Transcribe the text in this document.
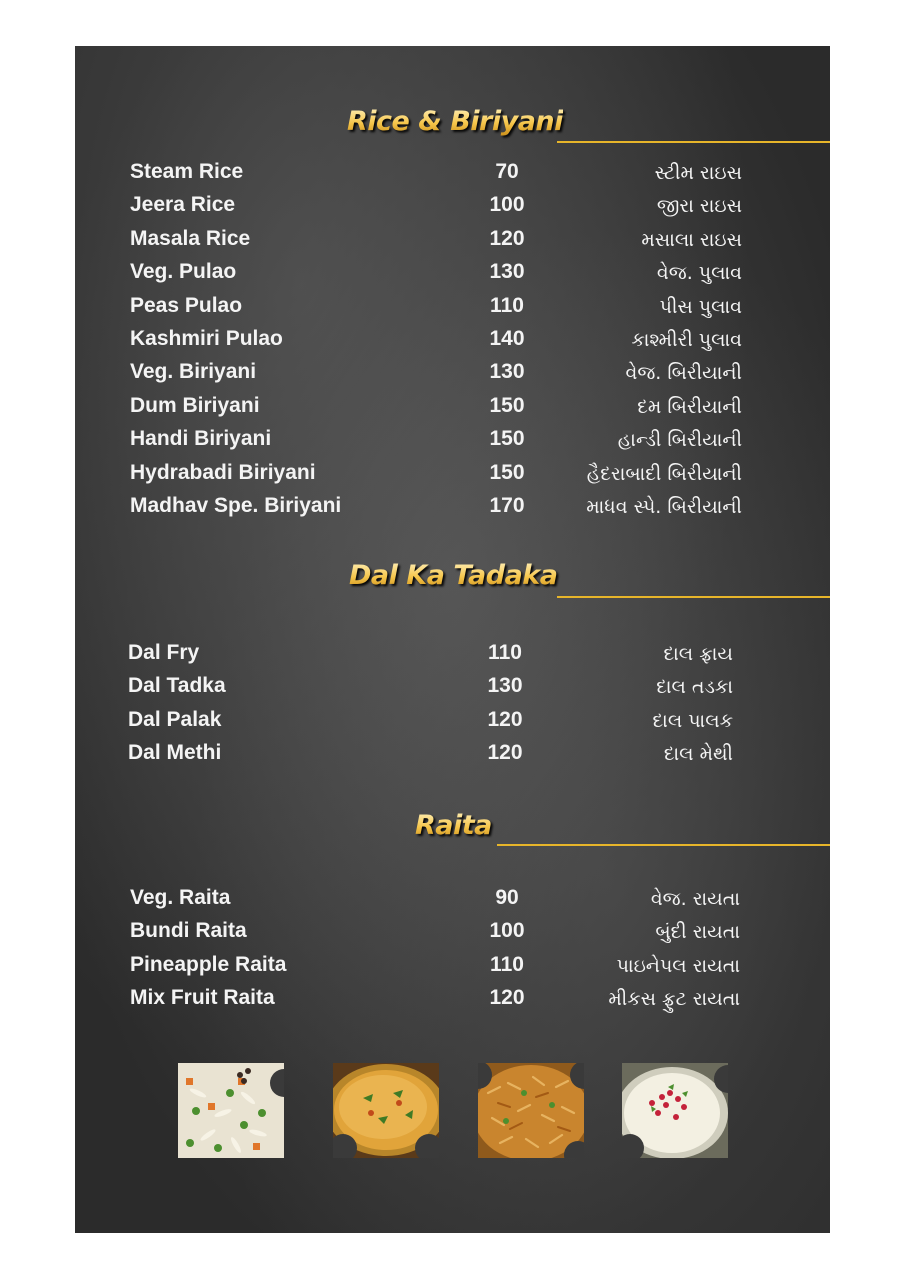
Rice & Biriyani
Steam Rice	70	સ્ટીમ રાઇસ
Jeera Rice	100	જીરા રાઇસ
Masala Rice	120	મસાલા રાઇસ
Veg. Pulao	130	વેજ. પુલાવ
Peas Pulao	110	પીસ પુલાવ
Kashmiri Pulao	140	કાશ્મીરી પુલાવ
Veg. Biriyani	130	વેજ. બિરીયાની
Dum Biriyani	150	દમ બિરીયાની
Handi Biriyani	150	હાન્ડી બિરીયાની
Hydrabadi Biriyani	150	હૈદરાબાદી બિરીયાની
Madhav Spe. Biriyani	170	માધવ સ્પે. બિરીયાની
Dal Ka Tadaka
Dal Fry	110	દાલ ફ્રાય
Dal Tadka	130	દાલ તડકા
Dal Palak	120	દાલ પાલક
Dal Methi	120	દાલ મેથી
Raita
Veg. Raita	90	વેજ. રાયતા
Bundi Raita	100	બુંદી રાયતા
Pineapple Raita	110	પાઇનેપલ રાયતા
Mix Fruit Raita	120	મીકસ ફ્રુટ રાયતા
